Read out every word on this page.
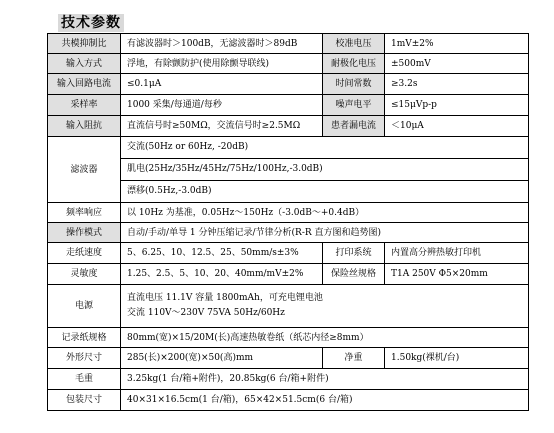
技术参数
共模抑制比	有滤波器时＞100dB，无滤波器时＞89dB	校准电压	1mV±2%
输入方式	浮地，有除颤防护(使用除颤导联线)	耐极化电压	±500mV
输入回路电流	≤0.1μA	时间常数	≥3.2s
采样率	1000 采集/每通道/每秒	噪声电平	≤15μVp-p
输入阻抗	直流信号时≥50MΩ，交流信号时≥2.5MΩ	患者漏电流	＜10μA
滤波器	交流(50Hz or 60Hz, -20dB)
肌电(25Hz/35Hz/45Hz/75Hz/100Hz,-3.0dB)
漂移(0.5Hz,-3.0dB)		

频率响应	以 10Hz 为基准，0.05Hz～150Hz（-3.0dB～+0.4dB）		
操作模式	自动/手动/单导 1 分钟压缩记录/节律分析(R-R 直方图和趋势图)		
走纸速度	5、6.25、10、12.5、25、50mm/s±3%	打印系统	内置高分辨热敏打印机
灵敏度	1.25、2.5、5、10、20、40mm/mV±2%	保险丝规格	T1A 250V Φ5×20mm
电源	直流电压 11.1V 容量 1800mAh，可充电锂电池
交流 110V～230V 75VA 50Hz/60Hz		

记录纸规格	80mm(宽)×15/20M(长)高速热敏卷纸（纸芯内径≥8mm）		
外形尺寸	285(长)×200(宽)×50(高)mm	净重	1.50kg(裸机/台)
毛重	3.25kg(1 台/箱+附件)，20.85kg(6 台/箱+附件)		
包装尺寸	40×31×16.5cm(1 台/箱)，65×42×51.5cm(6 台/箱)		
